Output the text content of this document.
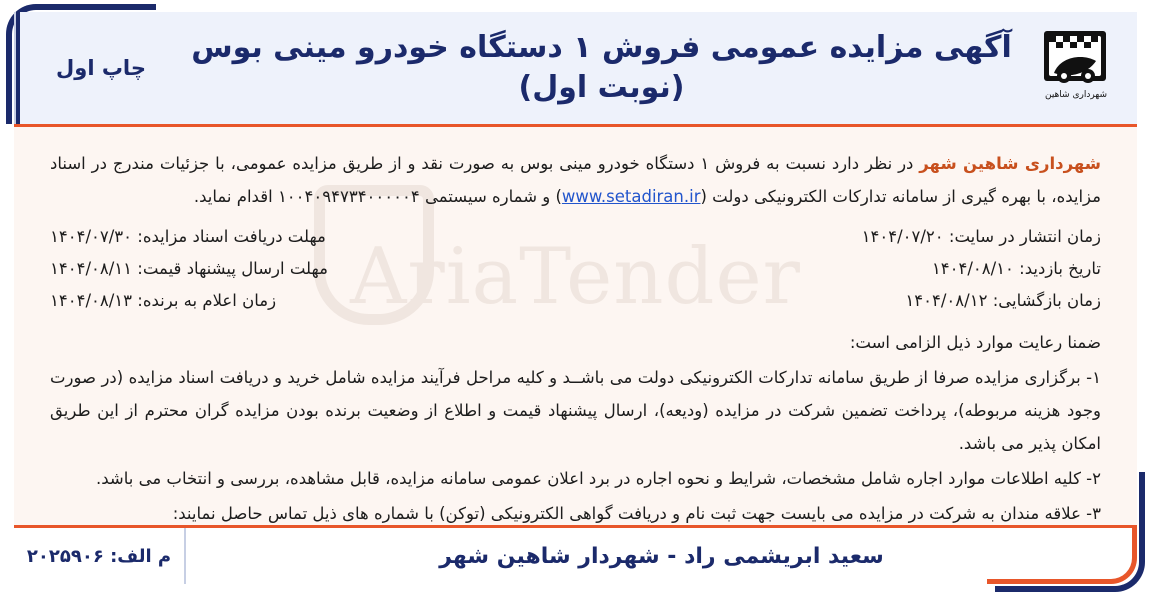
چاپ اول
آگهی مزایده عمومی فروش ۱ دستگاه خودرو مینی بوس
(نوبت اول)	شهرداری شاهین
AriaTender

شهرداری شاهین شهر در نظر دارد نسبت به فروش ۱ دستگاه خودرو مینی بوس به صورت نقد و از طریق مزایده عمومی، با جزئیات مندرج در اسناد مزایده، با بهره گیری از سامانه تدارکات الکترونیکی دولت (www.setadiran.ir) و شماره سیستمی ۱۰۰۴۰۹۴۷۳۴۰۰۰۰۰۴ اقدام نماید.

زمان انتشار در سایت: ۱۴۰۴/۰۷/۲۰
مهلت دریافت اسناد مزایده: ۱۴۰۴/۰۷/۳۰
تاریخ بازدید: ۱۴۰۴/۰۸/۱۰
مهلت ارسال پیشنهاد قیمت: ۱۴۰۴/۰۸/۱۱
زمان بازگشایی: ۱۴۰۴/۰۸/۱۲
زمان اعلام به برنده: ۱۴۰۴/۰۸/۱۳

ضمنا رعایت موارد ذیل الزامی است:

۱- برگزاری مزایده صرفا از طریق سامانه تدارکات الکترونیکی دولت می باشــد و کلیه مراحل فرآیند مزایده شامل خرید و دریافت اسناد مزایده (در صورت وجود هزینه مربوطه)، پرداخت تضمین شرکت در مزایده (ودیعه)، ارسال پیشنهاد قیمت و اطلاع از وضعیت برنده بودن مزایده گران محترم از این طریق امکان پذیر می باشد.

۲- کلیه اطلاعات موارد اجاره شامل مشخصات، شرایط و نحوه اجاره در برد اعلان عمومی سامانه مزایده، قابل مشاهده، بررسی و انتخاب می باشد.

۳- علاقه مندان به شرکت در مزایده می بایست جهت ثبت نام و دریافت گواهی الکترونیکی (توکن) با شماره های ذیل تماس حاصل نمایند:

سعید ابریشمی راد - شهردار شاهین شهر
م الف: ۲۰۲۵۹۰۶
